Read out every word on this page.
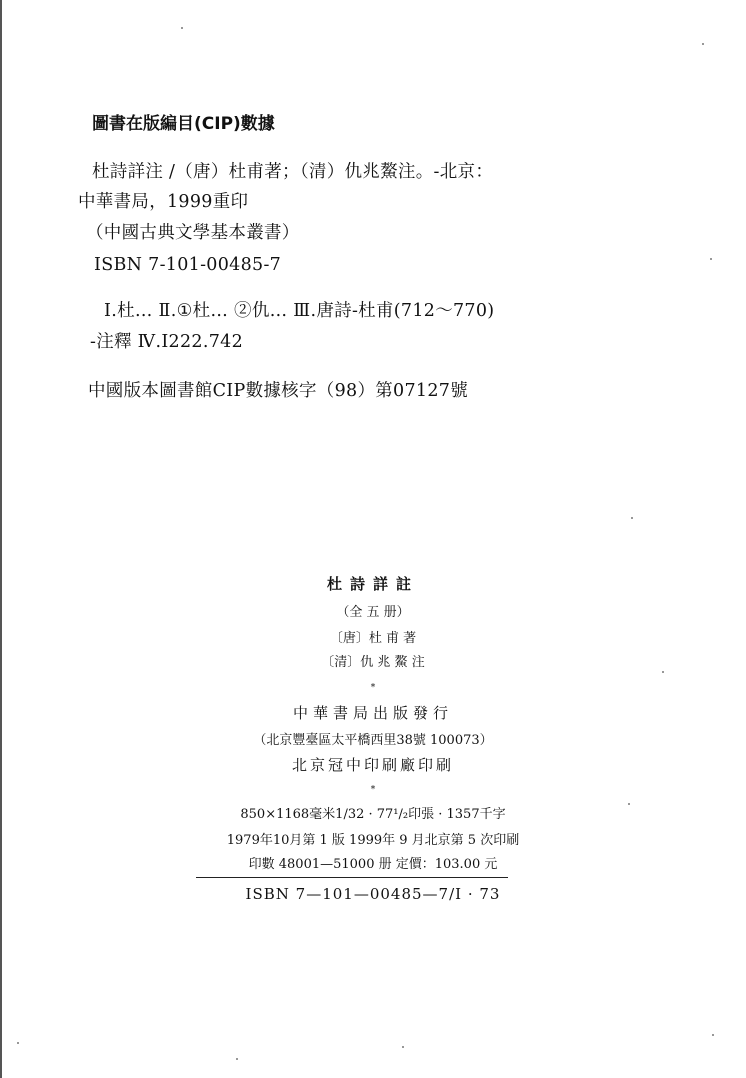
圖書在版編目(CIP)數據
杜詩詳注 /（唐）杜甫著；（清）仇兆鰲注。-北京：
中華書局，1999重印
（中國古典文學基本叢書）
ISBN 7-101-00485-7
Ⅰ.杜… Ⅱ.①杜… ②仇… Ⅲ.唐詩-杜甫(712～770)
-注釋 Ⅳ.I222.742
中國版本圖書館CIP數據核字（98）第07127號
杜詩詳註
（全 五 册）
〔唐〕杜 甫 著
〔清〕仇 兆 鰲 注
*
中華書局出版發行
（北京豐臺區太平橋西里38號 100073）
北京冠中印刷廠印刷
*
850×1168毫米1/32 · 77¹/₂印張 · 1357千字
1979年10月第 1 版 1999年 9 月北京第 5 次印刷
印數 48001—51000 册 定價：103.00 元
ISBN 7—101—00485—7/I · 73
